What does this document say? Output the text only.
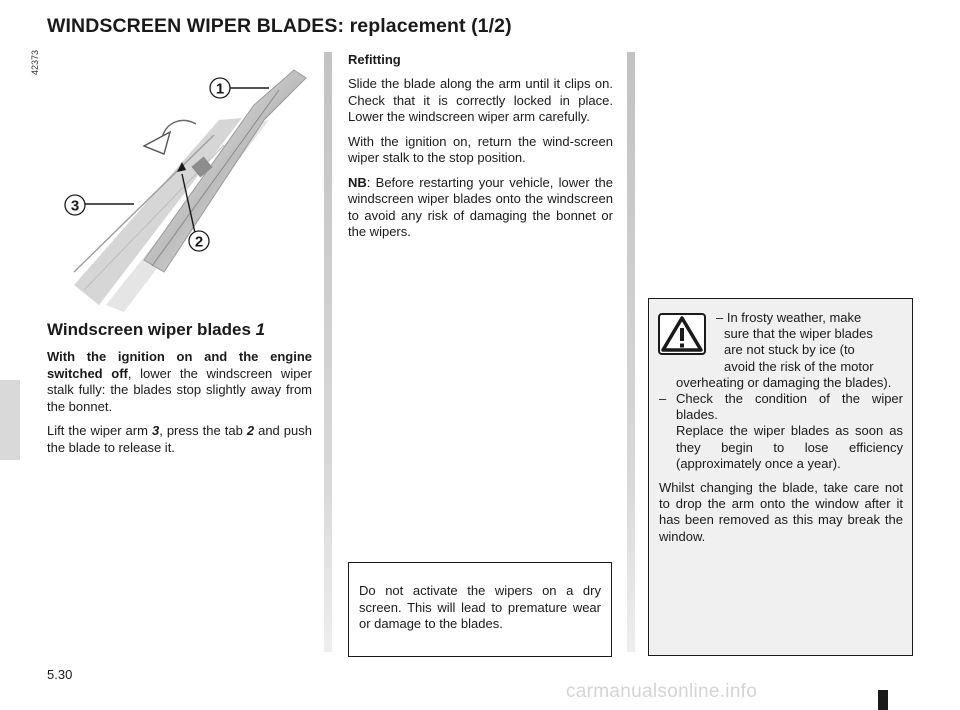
WINDSCREEN WIPER BLADES: replacement (1/2)
42373
1
3
2
Windscreen wiper blades 1

With the ignition on and the engine switched off, lower the windscreen wiper stalk fully: the blades stop slightly away from the bonnet.

Lift the wiper arm 3, press the tab 2 and push the blade to release it.

Refitting

Slide the blade along the arm until it clips on. Check that it is correctly locked in place. Lower the windscreen wiper arm carefully.

With the ignition on, return the wind-screen wiper stalk to the stop position.

NB: Before restarting your vehicle, lower the windscreen wiper blades onto the windscreen to avoid any risk of damaging the bonnet or the wipers.

Do not activate the wipers on a dry screen. This will lead to premature wear or damage to the blades.

– In frosty weather, make
sure that the wiper blades
are not stuck by ice (to
avoid the risk of the motor
overheating or damaging the blades).
– Check the condition of the wiper blades.
Replace the wiper blades as soon as they begin to lose efficiency (approximately once a year).
Whilst changing the blade, take care not to drop the arm onto the window after it has been removed as this may break the window.
5.30
carmanualsonline.info
